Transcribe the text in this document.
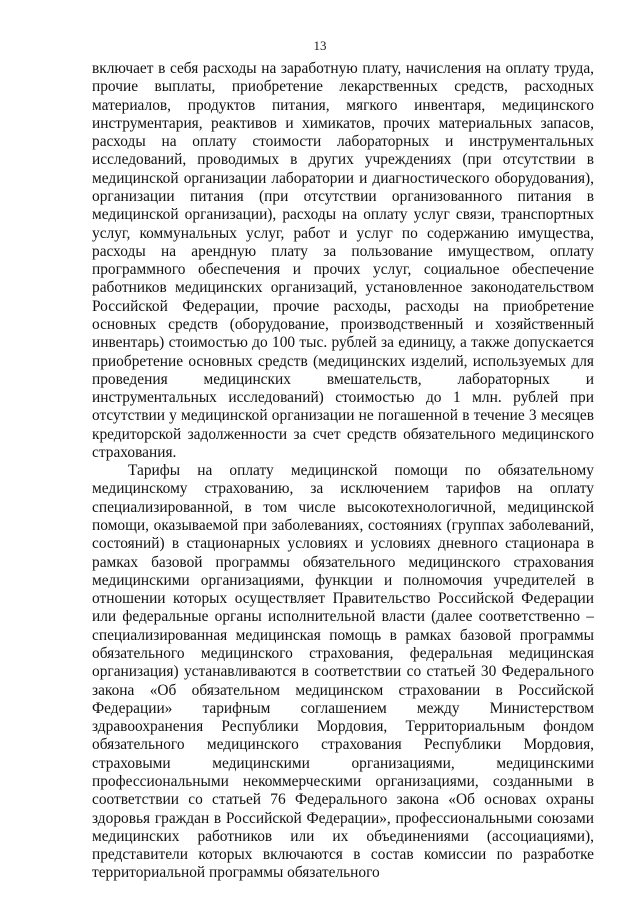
13

включает в себя расходы на заработную плату, начисления на оплату труда, прочие выплаты, приобретение лекарственных средств, расходных материалов, продуктов питания, мягкого инвентаря, медицинского инструментария, реактивов и химикатов, прочих материальных запасов, расходы на оплату стоимости лабораторных и инструментальных исследований, проводимых в других учреждениях (при отсутствии в медицинской организации лаборатории и диагностического оборудования), организации питания (при отсутствии организованного питания в медицинской организации), расходы на оплату услуг связи, транспортных услуг, коммунальных услуг, работ и услуг по содержанию имущества, расходы на арендную плату за пользование имуществом, оплату программного обеспечения и прочих услуг, социальное обеспечение работников медицинских организаций, установленное законодательством Российской Федерации, прочие расходы, расходы на приобретение основных средств (оборудование, производственный и хозяйственный инвентарь) стоимостью до 100 тыс. рублей за единицу, а также допускается приобретение основных средств (медицинских изделий, используемых для проведения медицинских вмешательств, лабораторных и инструментальных исследований) стоимостью до 1 млн. рублей при отсутствии у медицинской организации не погашенной в течение 3 месяцев кредиторской задолженности за счет средств обязательного медицинского страхования.

Тарифы на оплату медицинской помощи по обязательному медицинскому страхованию, за исключением тарифов на оплату специализированной, в том числе высокотехнологичной, медицинской помощи, оказываемой при заболеваниях, состояниях (группах заболеваний, состояний) в стационарных условиях и условиях дневного стационара в рамках базовой программы обязательного медицинского страхования медицинскими организациями, функции и полномочия учредителей в отношении которых осуществляет Правительство Российской Федерации или федеральные органы исполнительной власти (далее соответственно – специализированная медицинская помощь в рамках базовой программы обязательного медицинского страхования, федеральная медицинская организация) устанавливаются в соответствии со статьей 30 Федерального закона «Об обязательном медицинском страховании в Российской Федерации» тарифным соглашением между Министерством здравоохранения Республики Мордовия, Территориальным фондом обязательного медицинского страхования Республики Мордовия, страховыми медицинскими организациями, медицинскими профессиональными некоммерческими организациями, созданными в соответствии со статьей 76 Федерального закона «Об основах охраны здоровья граждан в Российской Федерации», профессиональными союзами медицинских работников или их объединениями (ассоциациями), представители которых включаются в состав комиссии по разработке территориальной программы обязательного
